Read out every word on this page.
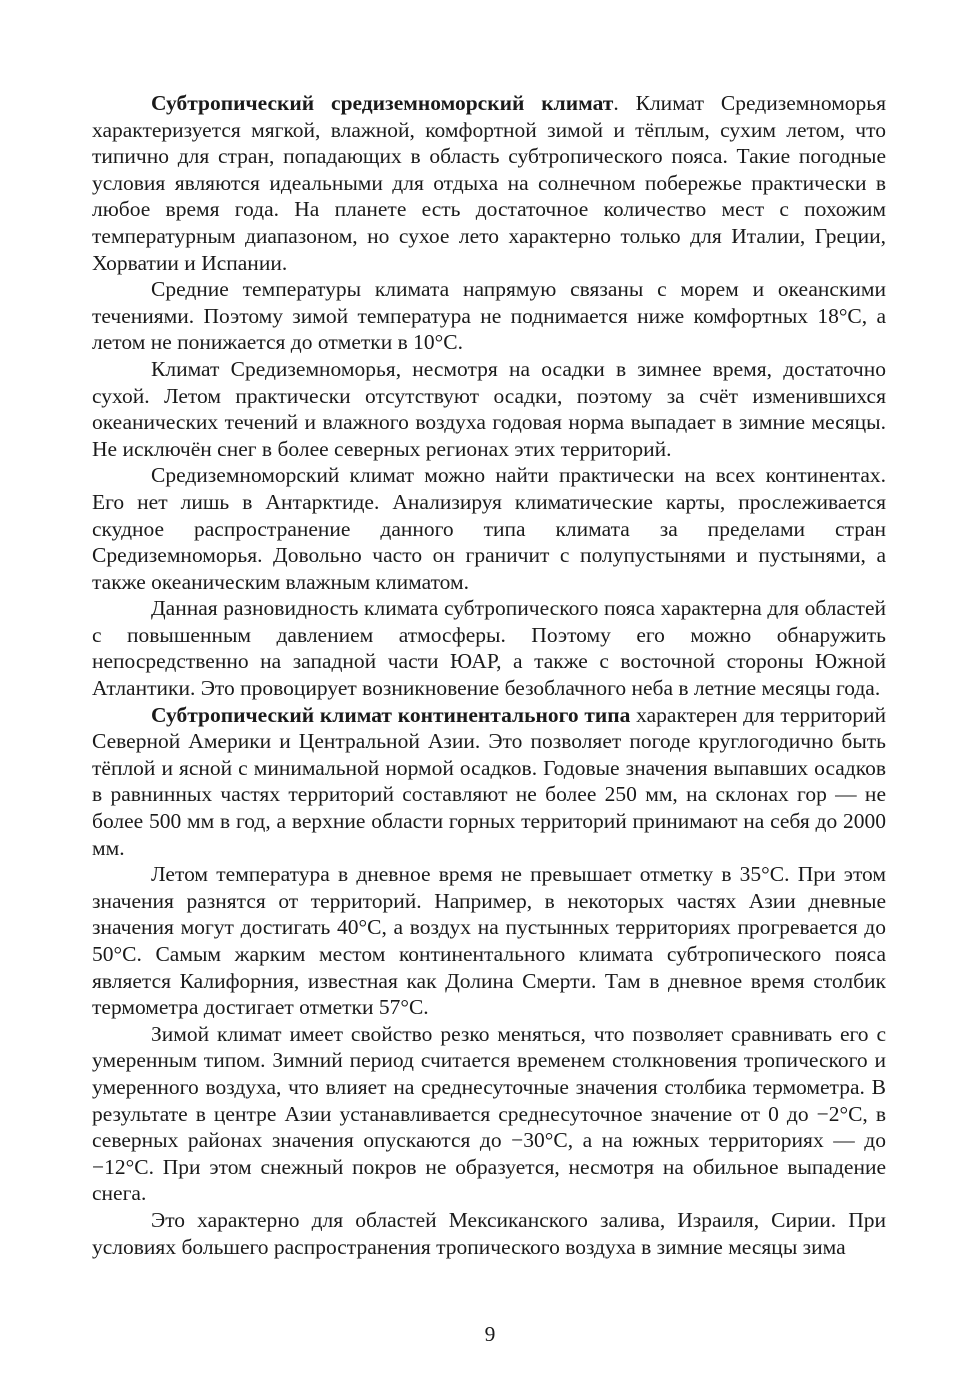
Субтропический средиземноморский климат. Климат Средиземноморья характеризуется мягкой, влажной, комфортной зимой и тёплым, сухим летом, что типично для стран, попадающих в область субтропического пояса. Такие погодные условия являются идеальными для отдыха на солнечном побережье практически в любое время года. На планете есть достаточное количество мест с похожим температурным диапазоном, но сухое лето характерно только для Италии, Греции, Хорватии и Испании.

Средние температуры климата напрямую связаны с морем и океанскими течениями. Поэтому зимой температура не поднимается ниже комфортных 18°C, а летом не понижается до отметки в 10°C.

Климат Средиземноморья, несмотря на осадки в зимнее время, достаточно сухой. Летом практически отсутствуют осадки, поэтому за счёт изменившихся океанических течений и влажного воздуха годовая норма выпадает в зимние месяцы. Не исключён снег в более северных регионах этих территорий.

Средиземноморский климат можно найти практически на всех континентах. Его нет лишь в Антарктиде. Анализируя климатические карты, прослеживается скудное распространение данного типа климата за пределами стран Средиземноморья. Довольно часто он граничит с полупустынями и пустынями, а также океаническим влажным климатом.

Данная разновидность климата субтропического пояса характерна для областей с повышенным давлением атмосферы. Поэтому его можно обнаружить непосредственно на западной части ЮАР, а также с восточной стороны Южной Атлантики. Это провоцирует возникновение безоблачного неба в летние месяцы года.

Субтропический климат континентального типа характерен для территорий Северной Америки и Центральной Азии. Это позволяет погоде круглогодично быть тёплой и ясной с минимальной нормой осадков. Годовые значения выпавших осадков в равнинных частях территорий составляют не более 250 мм, на склонах гор — не более 500 мм в год, а верхние области горных территорий принимают на себя до 2000 мм.

Летом температура в дневное время не превышает отметку в 35°C. При этом значения разнятся от территорий. Например, в некоторых частях Азии дневные значения могут достигать 40°C, а воздух на пустынных территориях прогревается до 50°C. Самым жарким местом континентального климата субтропического пояса является Калифорния, известная как Долина Смерти. Там в дневное время столбик термометра достигает отметки 57°C.

Зимой климат имеет свойство резко меняться, что позволяет сравнивать его с умеренным типом. Зимний период считается временем столкновения тропического и умеренного воздуха, что влияет на среднесуточные значения столбика термометра. В результате в центре Азии устанавливается среднесуточное значение от 0 до −2°C, в северных районах значения опускаются до −30°C, а на южных территориях — до −12°C. При этом снежный покров не образуется, несмотря на обильное выпадение снега.

Это характерно для областей Мексиканского залива, Израиля, Сирии. При условиях большего распространения тропического воздуха в зимние месяцы зима

9
